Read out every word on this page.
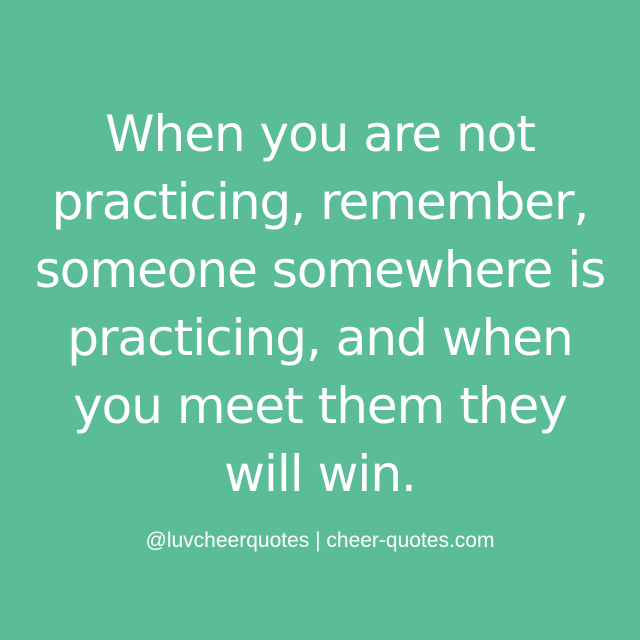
When you are not
practicing, remember,
someone somewhere is
practicing, and when
you meet them they
will win.
@luvcheerquotes | cheer-quotes.com
